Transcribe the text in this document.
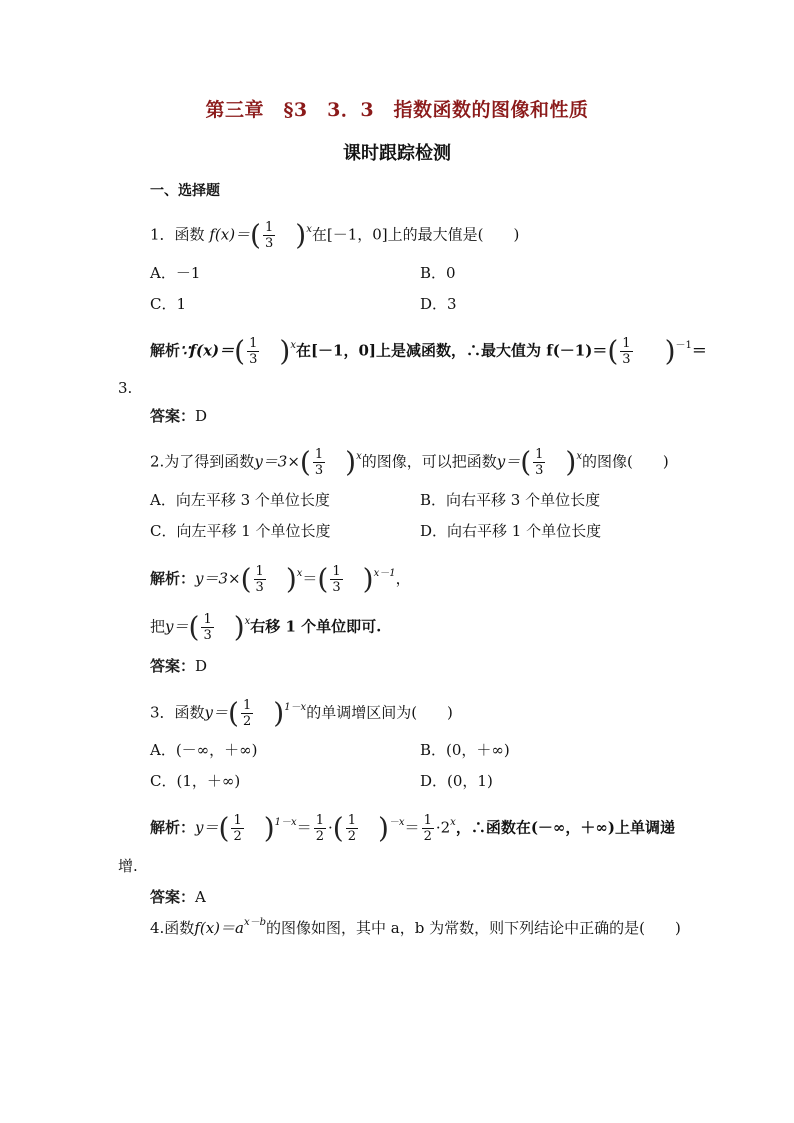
第三章　§3　3．3　指数函数的图像和性质
课时跟踪检测
一、选择题
1．函数 $f(x)=( \frac{1}{3} )^x$在[－1，0]上的最大值是(　　)
A．－1	B．0
C．1	D．3
解析∵f(x)＝( $\frac{1}{3} )^x$在[－1，0]上是减函数，∴最大值为 $f(-1)=( \frac{1}{3} )^{-1}=$
3.
答案：D
2.为了得到函数$y=3\times( \frac{1}{3} )^x$的图像，可以把函数$y=( \frac{1}{3} )^x$的图像(　　)
A．向左平移 3 个单位长度	B．向右平移 3 个单位长度
C．向左平移 1 个单位长度	D．向右平移 1 个单位长度
解析：$y=3\times( \frac{1}{3} )^x=( \frac{1}{3} )^{x-1}$，
把$y=( \frac{1}{3} )^x$右移 1 个单位即可.
答案：D
3．函数$y=( \frac{1}{2} )^{1-x}$的单调增区间为(　　)
A．(－∞，＋∞)	B．(0，＋∞)
C．(1，＋∞)	D．(0，1)
解析：$y=( \frac{1}{2} )^{1-x}= \frac{1}{2}$ ·( $\frac{1}{2} )^{-x}= \frac{1}{2} \cdot 2^x$，∴函数在(－∞，＋∞)上单调递
增.
答案：A
4.函数$f(x)=a^{x-b}$的图像如图，其中 a，b 为常数，则下列结论中正确的是(　　)
